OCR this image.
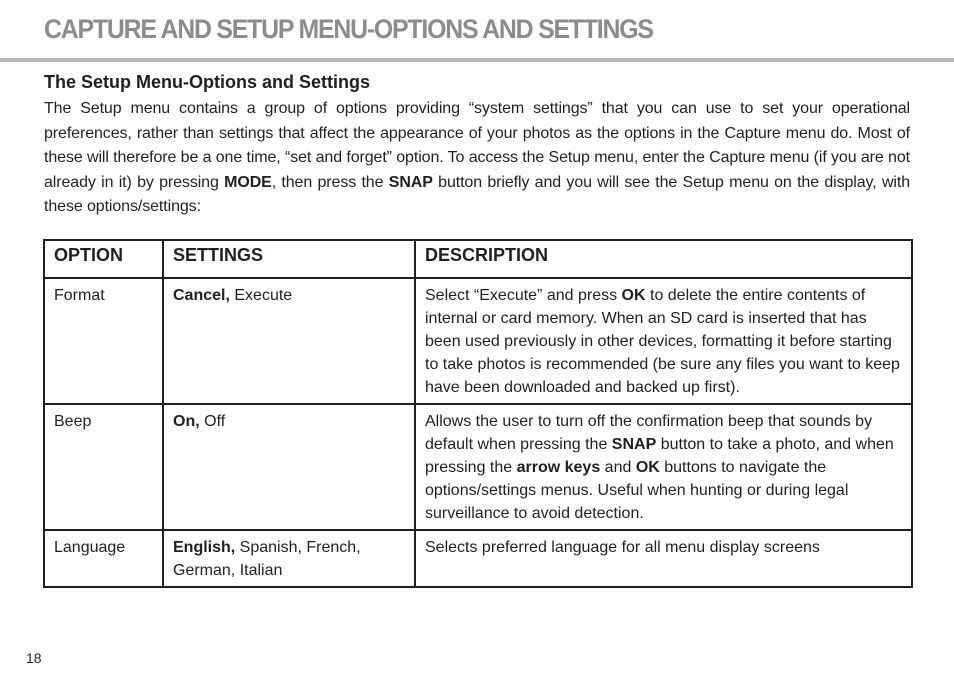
CAPTURE AND SETUP MENU-OPTIONS AND SETTINGS
The Setup Menu-Options and Settings

The Setup menu contains a group of options providing “system settings” that you can use to set your operational preferences, rather than settings that affect the appearance of your photos as the options in the Capture menu do. Most of these will therefore be a one time, “set and forget” option. To access the Setup menu, enter the Capture menu (if you are not already in it) by pressing MODE, then press the SNAP button briefly and you will see the Setup menu on the display, with these options/settings:

OPTION	SETTINGS	DESCRIPTION
Format	Cancel, Execute	Select “Execute” and press OK to delete the entire contents of internal or card memory. When an SD card is inserted that has been used previously in other devices, formatting it before starting to take photos is recommended (be sure any files you want to keep have been downloaded and backed up first).
Beep	On, Off	Allows the user to turn off the confirmation beep that sounds by default when pressing the SNAP button to take a photo, and when pressing the arrow keys and OK buttons to navigate the options/settings menus. Useful when hunting or during legal surveillance to avoid detection.
Language	English, Spanish, French, German, Italian	Selects preferred language for all menu display screens

18
